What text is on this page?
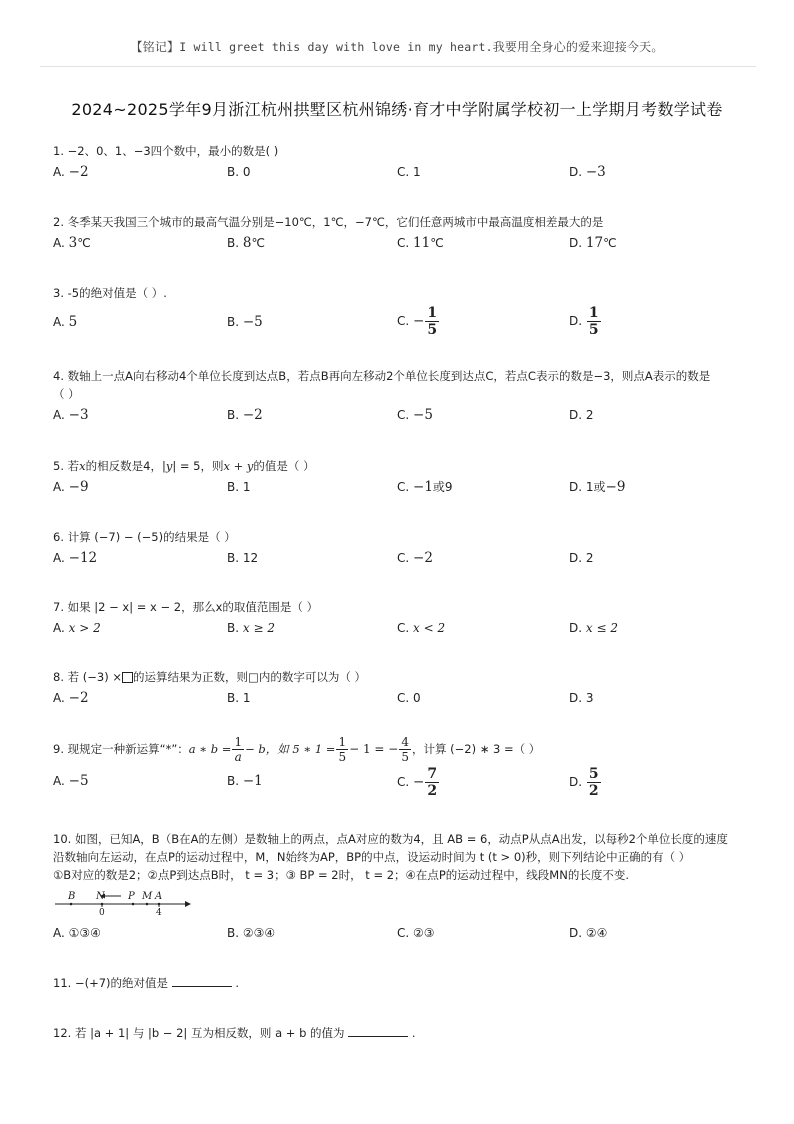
【铭记】I will greet this day with love in my heart.我要用全身心的爱来迎接今天。
2024~2025学年9月浙江杭州拱墅区杭州锦绣·育才中学附属学校初一上学期月考数学试卷
1. −2、0、1、−3四个数中，最小的数是( )
A. −2	B. 0	C. 1	D. −3
2. 冬季某天我国三个城市的最高气温分别是−10℃，1℃，−7℃，它们任意两城市中最高温度相差最大的是
A. 3℃	B. 8℃	C. 11℃	D. 17℃
3. -5的绝对值是（ ）.
A. 5	B. −5	C. − $\frac{1}{5}$	D. $\frac{1}{5}$
4. 数轴上一点A向右移动4个单位长度到达点B，若点B再向左移动2个单位长度到达点C，若点C表示的数是−3，则点A表示的数是
（ ）
A. −3	B. −2	C. −5	D. 2
5. 若x的相反数是4，|y| = 5，则x + y的值是（ ）
A. −9	B. 1	C. −1或9	D. 1或−9
6. 计算 (−7) − (−5)的结果是（ ）
A. −12	B. 12	C. −2	D. 2
7. 如果 |2 − x| = x − 2，那么x的取值范围是（ ）
A. x > 2	B. x ≥ 2	C. x < 2	D. x ≤ 2
8. 若 (−3) × 的运算结果为正数，则□内的数字可以为（ ）
A. −2	B. 1	C. 0	D. 3
9. 现规定一种新运算“*”：a ∗ $b = \frac{1}{a} - b$，如 5 ∗ $1 = \frac{1}{5} - 1$ = − $\frac{4}{5}$ ，计算 (−2) ∗ 3 =（ ）
A. −5	B. −1	C. − $\frac{7}{2}$	D. $\frac{5}{2}$
10. 如图，已知A，B（B在A的左侧）是数轴上的两点，点A对应的数为4，且 AB = 6，动点P从点A出发，以每秒2个单位长度的速度
沿数轴向左运动，在点P的运动过程中，M，N始终为AP，BP的中点，设运动时间为 t (t > 0)秒，则下列结论中正确的有（ ）
①B对应的数是2；②点P到达点B时， t = 3；③ BP = 2时， t = 2；④在点P的运动过程中，线段MN的长度不变.
B N P M A
0	4
A. ①③④	B. ②③④	C. ②③	D. ②④
11. −(+7)的绝对值是	.
12. 若 |a + 1| 与 |b − 2| 互为相反数，则 a + b 的值为	.
